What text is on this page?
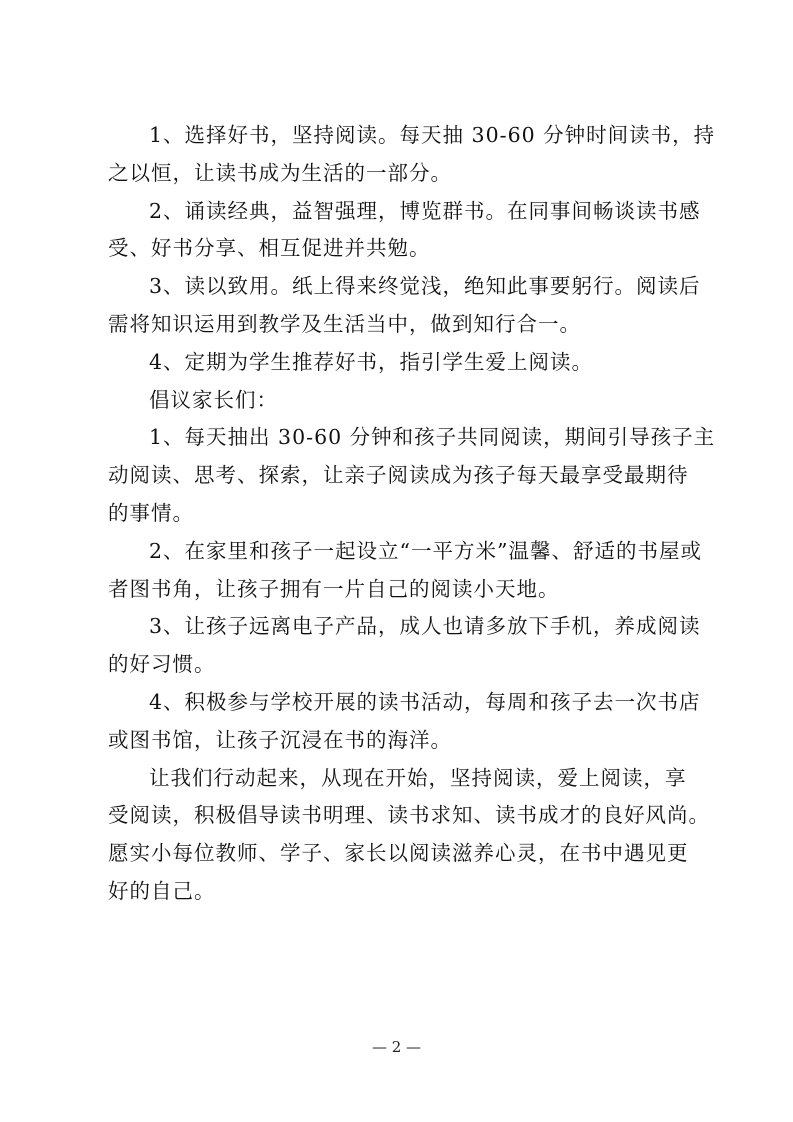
1、选择好书，坚持阅读。每天抽 30-60 分钟时间读书，持
之以恒，让读书成为生活的一部分。

2、诵读经典，益智强理，博览群书。在同事间畅谈读书感
受、好书分享、相互促进并共勉。

3、读以致用。纸上得来终觉浅，绝知此事要躬行。阅读后
需将知识运用到教学及生活当中，做到知行合一。

4、定期为学生推荐好书，指引学生爱上阅读。

倡议家长们：

1、每天抽出 30-60 分钟和孩子共同阅读，期间引导孩子主
动阅读、思考、探索，让亲子阅读成为孩子每天最享受最期待
的事情。

2、在家里和孩子一起设立“一平方米”温馨、舒适的书屋或
者图书角，让孩子拥有一片自己的阅读小天地。

3、让孩子远离电子产品，成人也请多放下手机，养成阅读
的好习惯。

4、积极参与学校开展的读书活动，每周和孩子去一次书店
或图书馆，让孩子沉浸在书的海洋。

让我们行动起来，从现在开始，坚持阅读，爱上阅读，享
受阅读，积极倡导读书明理、读书求知、读书成才的良好风尚。
愿实小每位教师、学子、家长以阅读滋养心灵，在书中遇见更
好的自己。

— 2 —
